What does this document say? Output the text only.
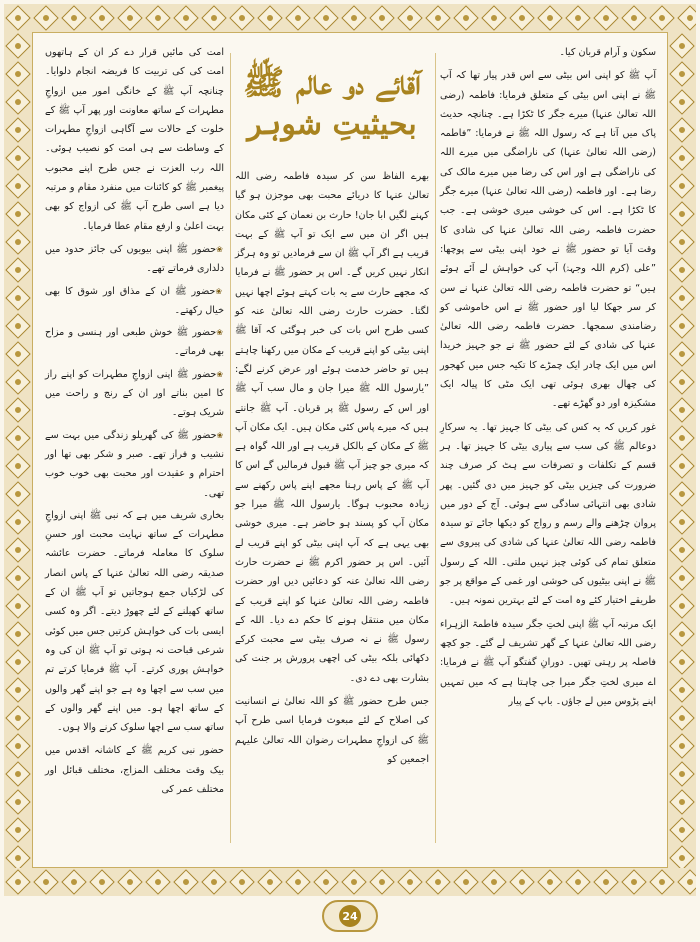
سکون و آرام قربان کیا۔

آپ ﷺ کو اپنی اس بیٹی سے اس قدر پیار تھا کہ آپ ﷺ نے اپنی اس بیٹی کے متعلق فرمایا: فاطمہ (رضی اللہ تعالیٰ عنہا) میرے جگر کا ٹکڑا ہے۔ چنانچہ حدیث پاک میں آتا ہے کہ رسول اللہ ﷺ نے فرمایا: ”فاطمہ (رضی اللہ تعالیٰ عنہا) کی ناراضگی میں میرے اللہ کی ناراضگی ہے اور اس کی رضا میں میرے مالک کی رضا ہے۔ اور فاطمہ (رضی اللہ تعالیٰ عنہا) میرے جگر کا ٹکڑا ہے۔ اس کی خوشی میری خوشی ہے۔ جب حضرت فاطمہ رضی اللہ تعالیٰ عنہا کی شادی کا وقت آیا تو حضور ﷺ نے خود اپنی بیٹی سے پوچھا: ”علی (کرم اللہ وجہہٗ) آپ کی خواہش لے آئے ہوئے ہیں“ تو حضرت فاطمہ رضی اللہ تعالیٰ عنہا نے سن کر سر جھکا لیا اور حضور ﷺ نے اس خاموشی کو رضامندی سمجھا۔ حضرت فاطمہ رضی اللہ تعالیٰ عنہا کی شادی کے لئے حضور ﷺ نے جو جہیز خریدا اس میں ایک چادر ایک چمڑے کا تکیہ جس میں کھجور کی چھال بھری ہوئی تھی ایک مٹی کا پیالہ ایک مشکیزہ اور دو گھڑے تھے۔

غور کریں کہ یہ کس کی بیٹی کا جہیز تھا۔ یہ سرکارِ دوعالم ﷺ کی سب سے پیاری بیٹی کا جہیز تھا۔ ہر قسم کے تکلفات و تصرفات سے ہٹ کر صرف چند ضرورت کی چیزیں بیٹی کو جہیز میں دی گئیں۔ پھر شادی بھی انتہائی سادگی سے ہوئی۔ آج کے دور میں پروان چڑھنے والے رسم و رواج کو دیکھا جائے تو سیدہ فاطمہ رضی اللہ تعالیٰ عنہا کی شادی کی پیروی سے متعلق تمام کی کوئی چیز نہیں ملتی۔ اللہ کے رسول ﷺ نے اپنی بیٹیوں کی خوشی اور غمی کے مواقع پر جو طریقے اختیار کئے وہ امت کے لئے بہترین نمونہ ہیں۔

ایک مرتبہ آپ ﷺ اپنی لختِ جگر سیدہ فاطمۃ الزہراء رضی اللہ تعالیٰ عنہا کے گھر تشریف لے گئے۔ جو کچھ فاصلہ پر رہتی تھیں۔ دورانِ گفتگو آپ ﷺ نے فرمایا: اے میری لختِ جگر میرا جی چاہتا ہے کہ میں تمہیں اپنے پڑوس میں لے جاؤں۔ باپ کے پیار

آقائے دو عالم ﷺ
بحیثیتِ شوہر

بھرے الفاظ سن کر سیدہ فاطمہ رضی اللہ تعالیٰ عنہا کا دریائے محبت بھی موجزن ہو گیا کہنے لگیں ابا جان! حارث بن نعمان کے کئی مکان ہیں اگر ان میں سے ایک تو آپ ﷺ کے بہت قریب ہے اگر آپ ﷺ ان سے فرمادیں تو وہ ہرگز انکار نہیں کریں گے۔ اس پر حضور ﷺ نے فرمایا کہ مجھے حارث سے یہ بات کہتے ہوئے اچھا نہیں لگتا۔ حضرت حارث رضی اللہ تعالیٰ عنہ کو کسی طرح اس بات کی خبر ہوگئی کہ آقا ﷺ اپنی بیٹی کو اپنے قریب کے مکان میں رکھنا چاہتے ہیں تو حاضر خدمت ہوئے اور عرض کرنے لگے: ”یارسول اللہ ﷺ میرا جان و مال سب آپ ﷺ اور اس کے رسول ﷺ پر قربان۔ آپ ﷺ جانتے ہیں کہ میرے پاس کئی مکان ہیں۔ ایک مکان آپ ﷺ کے مکان کے بالکل قریب ہے اور اللہ گواہ ہے کہ میری جو چیز آپ ﷺ قبول فرمالیں گے اس کا آپ ﷺ کے پاس رہنا مجھے اپنے پاس رکھنے سے زیادہ محبوب ہوگا۔ یارسول اللہ ﷺ میرا جو مکان آپ کو پسند ہو حاضر ہے۔ میری خوشی بھی یہی ہے کہ آپ اپنی بیٹی کو اپنے قریب لے آئیں۔ اس پر حضور اکرم ﷺ نے حضرت حارث رضی اللہ تعالیٰ عنہ کو دعائیں دیں اور حضرت فاطمہ رضی اللہ تعالیٰ عنہا کو اپنے قریب کے مکان میں منتقل ہونے کا حکم دے دیا۔ اللہ کے رسول ﷺ نے نہ صرف بیٹی سے محبت کرکے دکھائی بلکہ بیٹی کی اچھی پرورش پر جنت کی بشارت بھی دے دی۔

جس طرح حضور ﷺ کو اللہ تعالیٰ نے انسانیت کی اصلاح کے لئے مبعوث فرمایا اسی طرح آپ ﷺ کی ازواجِ مطہرات رضوان اللہ تعالیٰ علیہم اجمعین کو

امت کی مائیں قرار دے کر ان کے ہاتھوں امت کی کی تربیت کا فریضہ انجام دلوایا۔ چنانچہ آپ ﷺ کے خانگی امور میں ازواجِ مطہرات کے ساتھ معاونت اور پھر آپ ﷺ کے خلوت کے حالات سے آگاہی ازواجِ مطہرات کے وساطت سے ہی امت کو نصیب ہوئی۔ اللہ رب العزت نے جس طرح اپنے محبوب پیغمبر ﷺ کو کائنات میں منفرد مقام و مرتبہ دیا ہے اسی طرح آپ ﷺ کی ازواج کو بھی بہت اعلیٰ و ارفع مقام عطا فرمایا۔

❀ حضور ﷺ اپنی بیویوں کی جائز حدود میں دلداری فرماتے تھے۔

❀ حضور ﷺ ان کے مذاق اور شوق کا بھی خیال رکھتے۔

❀ حضور ﷺ خوش طبعی اور ہنسی و مزاح بھی فرماتے۔

❀ حضور ﷺ اپنی ازواجِ مطہرات کو اپنے راز کا امین بناتے اور ان کے رنج و راحت میں شریک ہوتے۔

❀ حضور ﷺ کی گھریلو زندگی میں بہت سے نشیب و فراز تھے۔ صبر و شکر بھی تھا اور احترام و عقیدت اور محبت بھی خوب خوب تھی۔

بخاری شریف میں ہے کہ نبی ﷺ اپنی ازواجِ مطہرات کے ساتھ نہایت محبت اور حسنِ سلوک کا معاملہ فرماتے۔ حضرت عائشہ صدیقہ رضی اللہ تعالیٰ عنہا کے پاس انصار کی لڑکیاں جمع ہوجاتیں تو آپ ﷺ ان کے ساتھ کھیلنے کے لئے چھوڑ دیتے۔ اگر وہ کسی ایسی بات کی خواہش کرتیں جس میں کوئی شرعی قباحت نہ ہوتی تو آپ ﷺ ان کی وہ خواہش پوری کرتے۔ آپ ﷺ فرمایا کرتے تم میں سب سے اچھا وہ ہے جو اپنے گھر والوں کے ساتھ اچھا ہو۔ میں اپنے گھر والوں کے ساتھ سب سے اچھا سلوک کرنے والا ہوں۔

حضور نبی کریم ﷺ کے کاشانہ اقدس میں بیک وقت مختلف المزاج، مختلف قبائل اور مختلف عمر کی

24
